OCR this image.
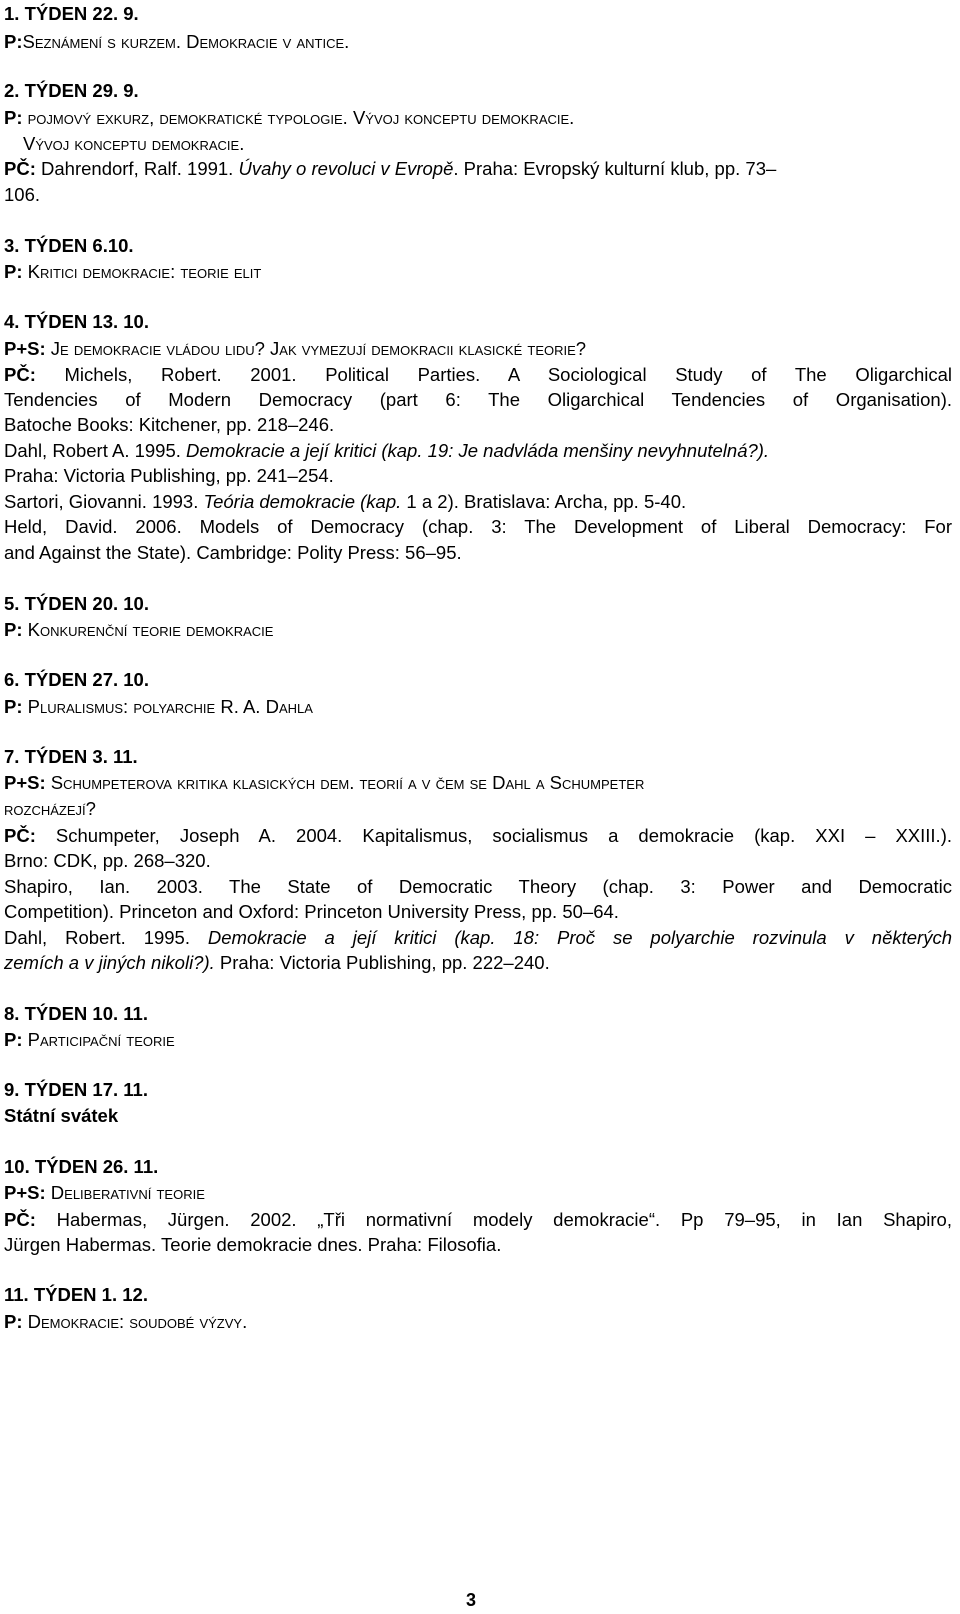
1. TÝDEN 22. 9.
P:Seznámení s kurzem. Demokracie v antice.
2. TÝDEN 29. 9.
P: pojmový exkurz, demokratické typologie. Vývoj konceptu demokracie.
Vývoj konceptu demokracie.
PČ: Dahrendorf, Ralf. 1991. Úvahy o revoluci v Evropě. Praha: Evropský kulturní klub, pp. 73–
106.
3. TÝDEN 6.10.
P: Kritici demokracie: teorie elit
4. TÝDEN 13. 10.
P+S: Je demokracie vládou lidu? Jak vymezují demokracii klasické teorie?
PČ: Michels, Robert. 2001. Political Parties. A Sociological Study of The Oligarchical
Tendencies of Modern Democracy (part 6: The Oligarchical Tendencies of Organisation).
Batoche Books: Kitchener, pp. 218–246.
Dahl, Robert A. 1995. Demokracie a její kritici (kap. 19: Je nadvláda menšiny nevyhnutelná?).
Praha: Victoria Publishing, pp. 241–254.
Sartori, Giovanni. 1993. Teória demokracie (kap. 1 a 2). Bratislava: Archa, pp. 5-40.
Held, David. 2006. Models of Democracy (chap. 3: The Development of Liberal Democracy: For
and Against the State). Cambridge: Polity Press: 56–95.
5. TÝDEN 20. 10.
P: Konkurenční teorie demokracie
6. TÝDEN 27. 10.
P: Pluralismus: polyarchie R. A. Dahla
7. TÝDEN 3. 11.
P+S: Schumpeterova kritika klasických dem. teorií a v čem se Dahl a Schumpeter
rozcházejí?
PČ: Schumpeter, Joseph A. 2004. Kapitalismus, socialismus a demokracie (kap. XXI – XXIII.).
Brno: CDK, pp. 268–320.
Shapiro, Ian. 2003. The State of Democratic Theory (chap. 3: Power and Democratic
Competition). Princeton and Oxford: Princeton University Press, pp. 50–64.
Dahl, Robert. 1995. Demokracie a její kritici (kap. 18: Proč se polyarchie rozvinula v některých
zemích a v jiných nikoli?). Praha: Victoria Publishing, pp. 222–240.
8. TÝDEN 10. 11.
P: Participační teorie
9. TÝDEN 17. 11.
Státní svátek
10. TÝDEN 26. 11.
P+S: Deliberativní teorie
PČ: Habermas, Jürgen. 2002. „Tři normativní modely demokracie“. Pp 79–95, in Ian Shapiro,
Jürgen Habermas. Teorie demokracie dnes. Praha: Filosofia.
11. TÝDEN 1. 12.
P: Demokracie: soudobé výzvy.
3
